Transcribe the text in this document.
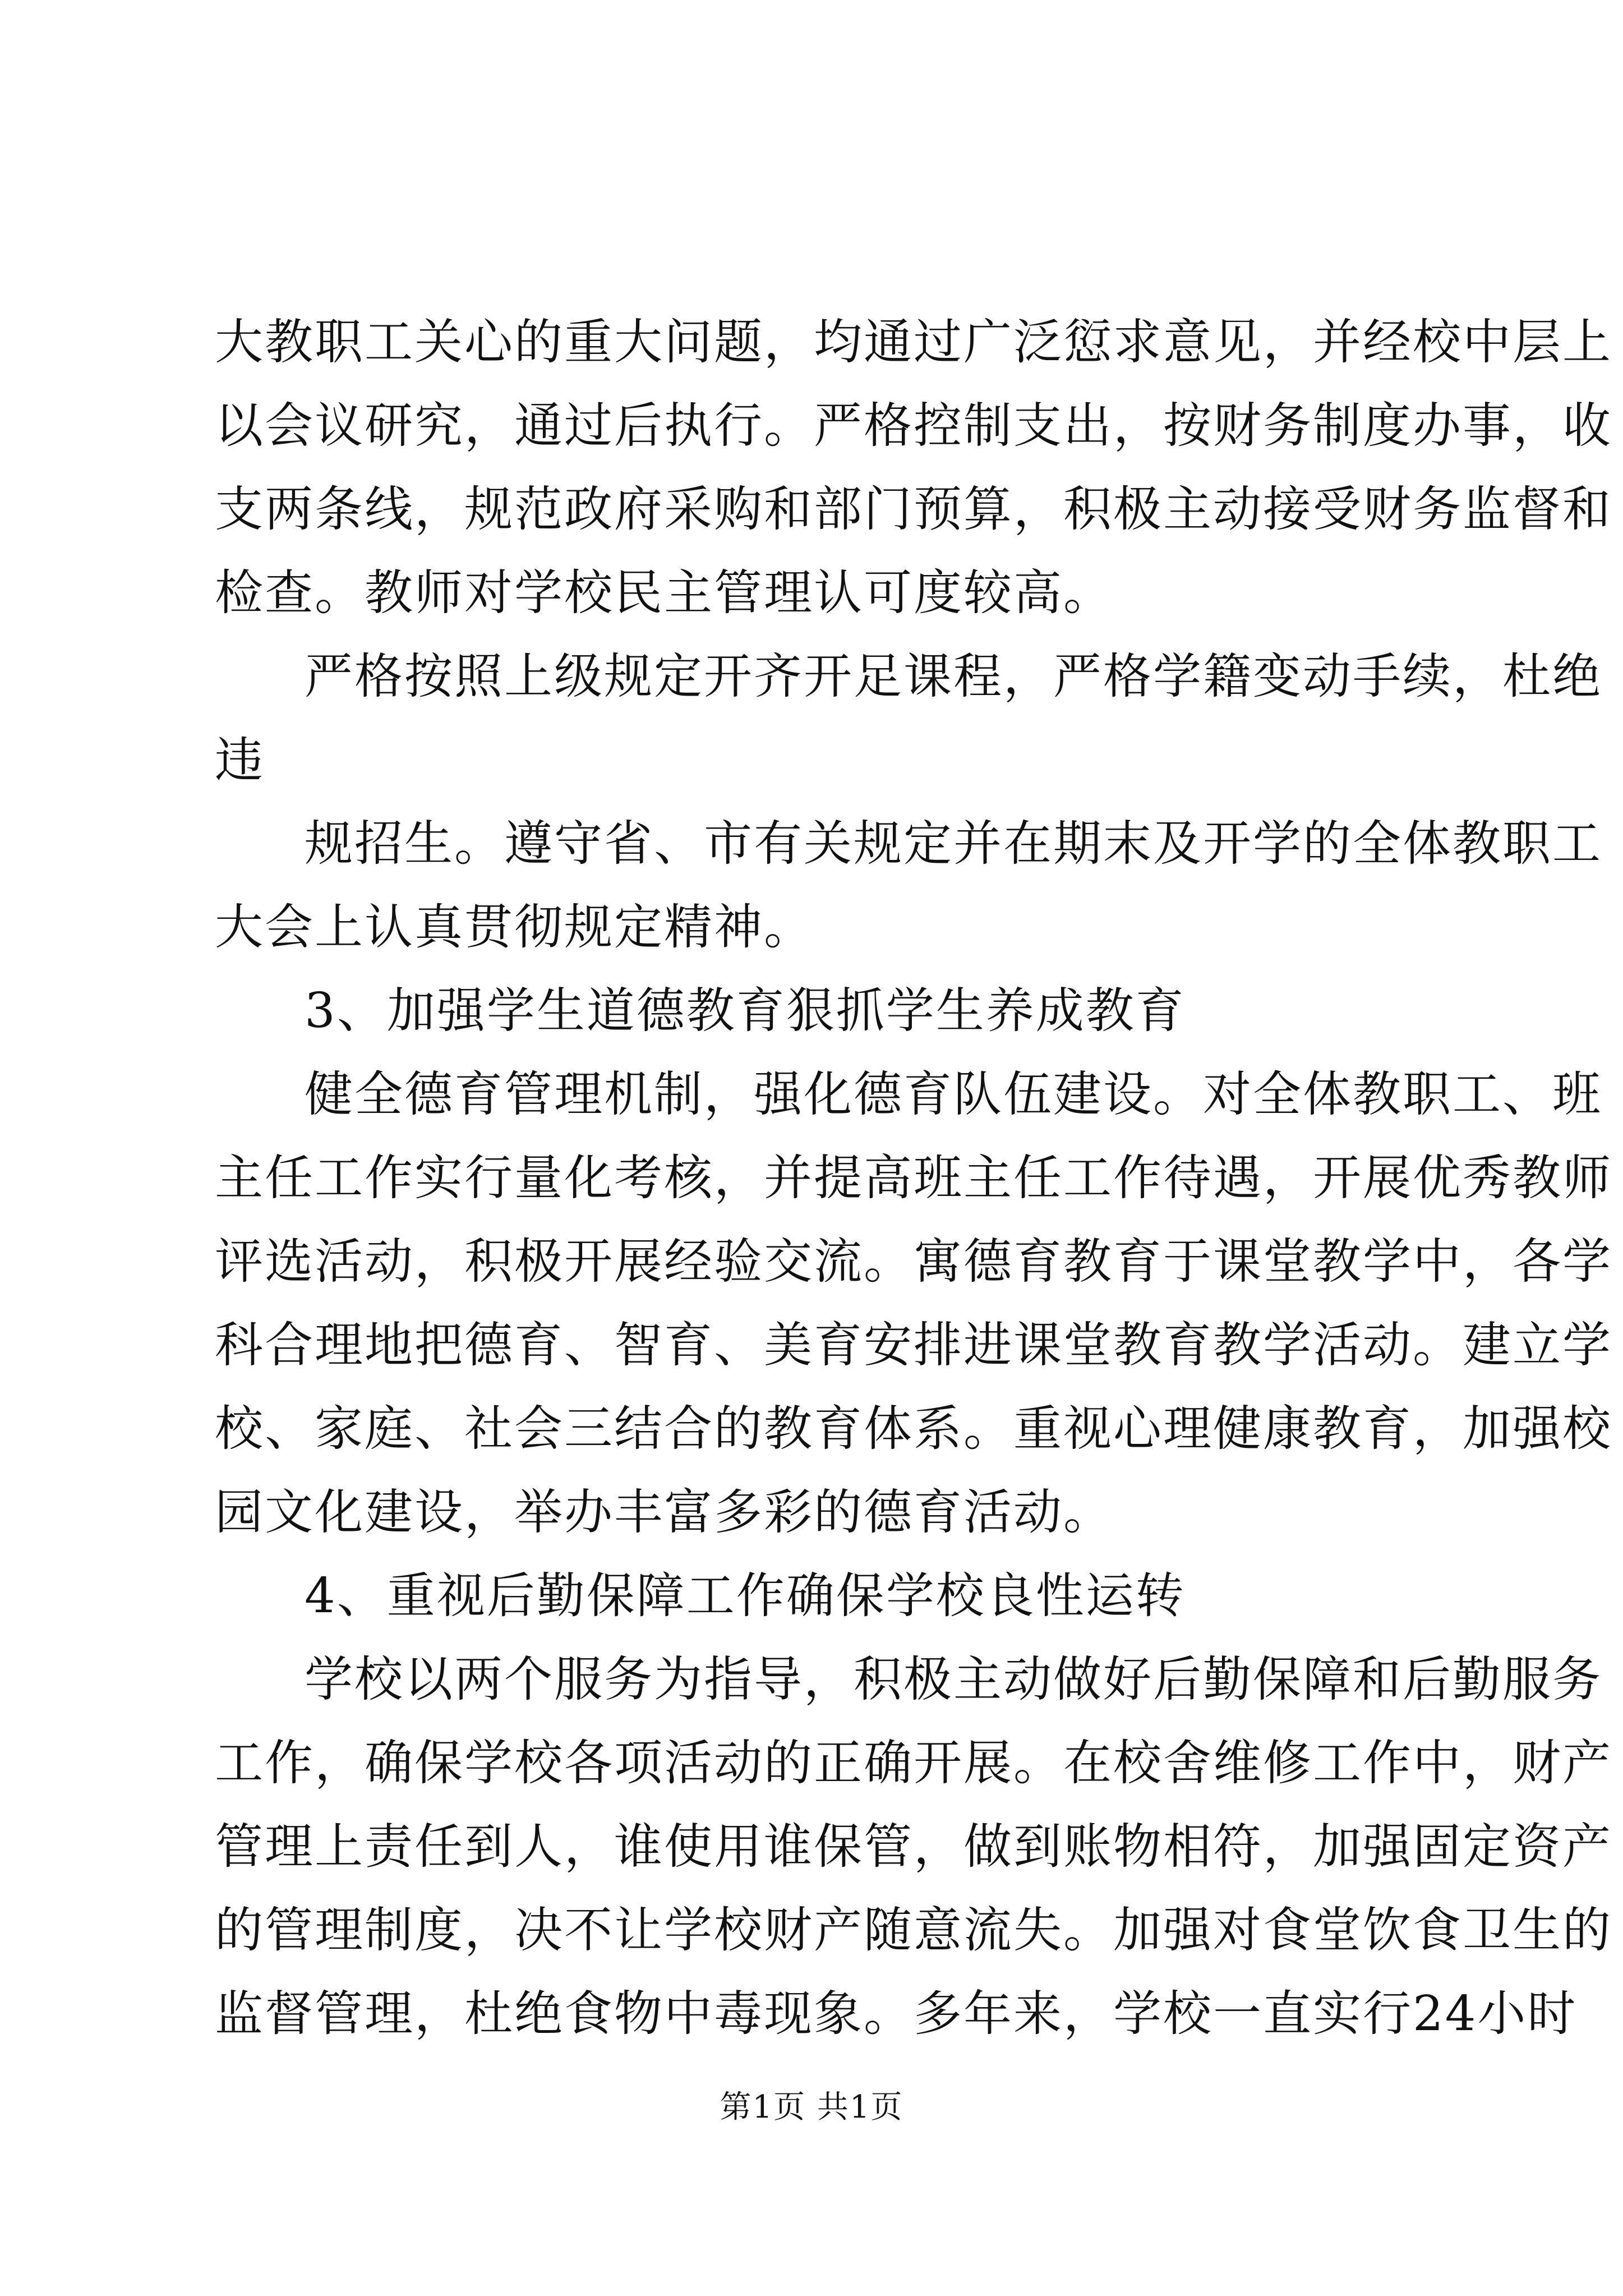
大教职工关心的重大问题，均通过广泛愆求意见，并经校中层上
以会议研究，通过后执行。严格控制支出，按财务制度办事，收
支两条线，规范政府采购和部门预算，积极主动接受财务监督和
检查。教师对学校民主管理认可度较高。
严格按照上级规定开齐开足课程，严格学籍变动手续，杜绝
违
规招生。遵守省、市有关规定并在期末及开学的全体教职工
大会上认真贯彻规定精神。
3、加强学生道德教育狠抓学生养成教育
健全德育管理机制，强化德育队伍建设。对全体教职工、班
主任工作实行量化考核，并提高班主任工作待遇，开展优秀教师
评选活动，积极开展经验交流。寓德育教育于课堂教学中，各学
科合理地把德育、智育、美育安排进课堂教育教学活动。建立学
校、家庭、社会三结合的教育体系。重视心理健康教育，加强校
园文化建设，举办丰富多彩的德育活动。
4、重视后勤保障工作确保学校良性运转
学校以两个服务为指导，积极主动做好后勤保障和后勤服务
工作，确保学校各项活动的正确开展。在校舍维修工作中，财产
管理上责任到人，谁使用谁保管，做到账物相符，加强固定资产
的管理制度，决不让学校财产随意流失。加强对食堂饮食卫生的
监督管理，杜绝食物中毒现象。多年来，学校一直实行24小时
第1页 共1页
